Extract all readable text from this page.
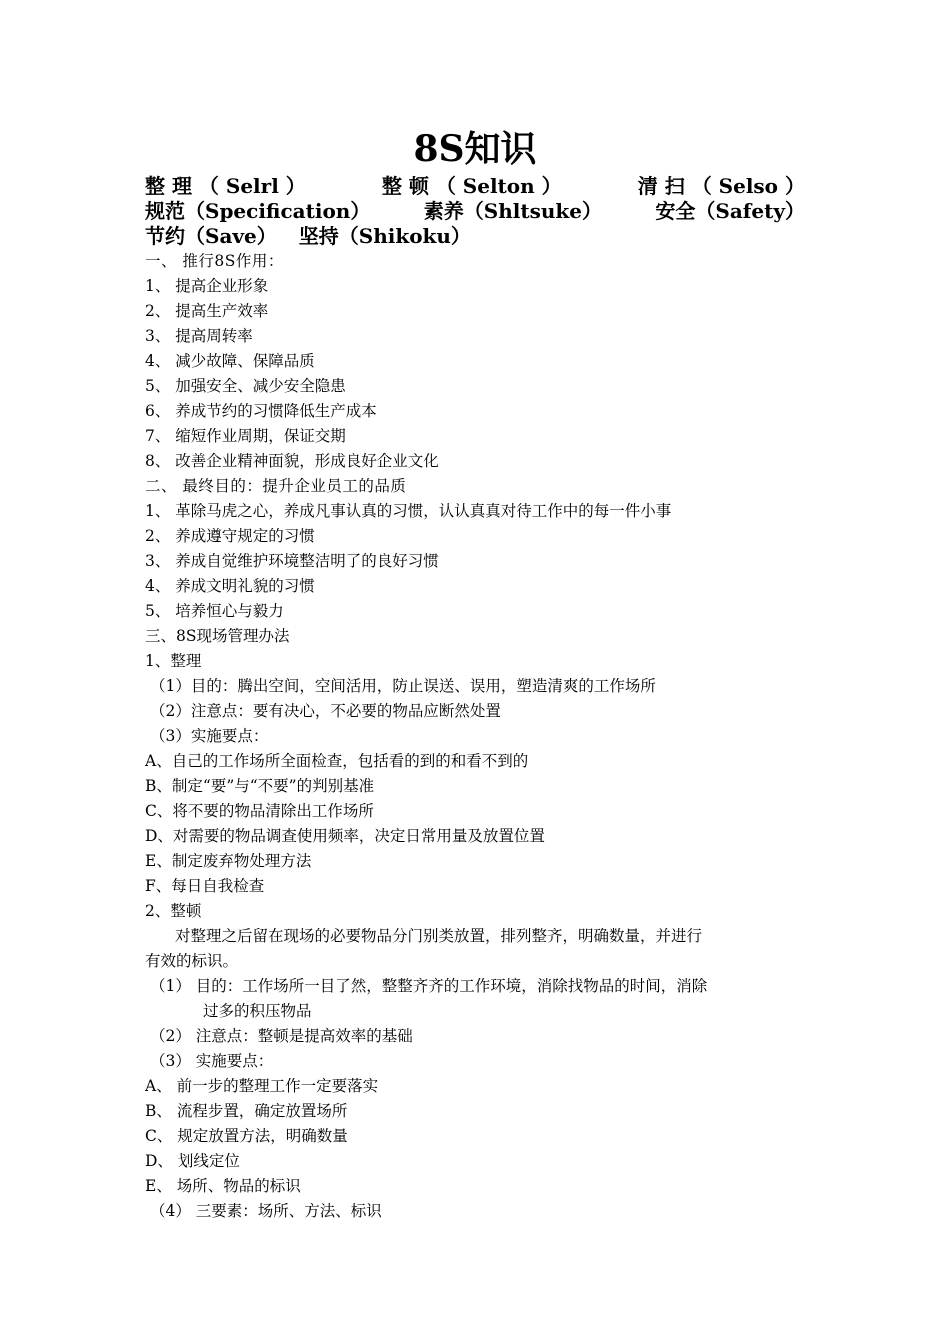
8S知识
整 理 （ Selrl ）	整 顿 （ Selton ）	清 扫 （ Selso ）
规范（Specification）	素养（Shltsuke）	安全（Safety）
节约（Save） 坚持（Shikoku）
一、 推行8S作用：
1、 提高企业形象
2、 提高生产效率
3、 提高周转率
4、 减少故障、保障品质
5、 加强安全、减少安全隐患
6、 养成节约的习惯降低生产成本
7、 缩短作业周期，保证交期
8、 改善企业精神面貌，形成良好企业文化
二、 最终目的：提升企业员工的品质
1、 革除马虎之心，养成凡事认真的习惯，认认真真对待工作中的每一件小事
2、 养成遵守规定的习惯
3、 养成自觉维护环境整洁明了的良好习惯
4、 养成文明礼貌的习惯
5、 培养恒心与毅力
三、8S现场管理办法
1、整理
（1）目的：腾出空间，空间活用，防止误送、误用，塑造清爽的工作场所
（2）注意点：要有决心，不必要的物品应断然处置
（3）实施要点：
A、自己的工作场所全面检查，包括看的到的和看不到的
B、制定“要”与“不要”的判别基准
C、将不要的物品清除出工作场所
D、对需要的物品调查使用频率，决定日常用量及放置位置
E、制定废弃物处理方法
F、每日自我检查
2、整顿
对整理之后留在现场的必要物品分门别类放置，排列整齐，明确数量，并进行
有效的标识。
（1） 目的：工作场所一目了然，整整齐齐的工作环境，消除找物品的时间，消除
过多的积压物品
（2） 注意点：整顿是提高效率的基础
（3） 实施要点：
A、 前一步的整理工作一定要落实
B、 流程步置，确定放置场所
C、 规定放置方法，明确数量
D、 划线定位
E、 场所、物品的标识
（4） 三要素：场所、方法、标识
